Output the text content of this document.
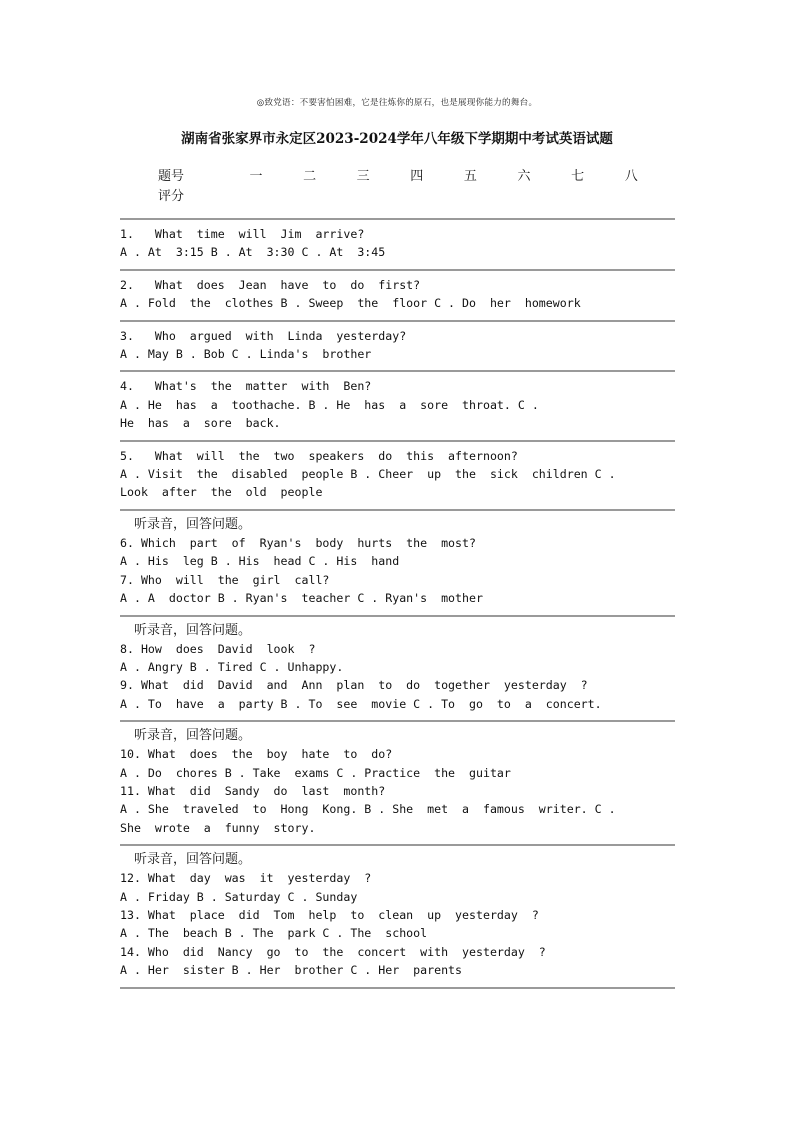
◎致党语：不要害怕困难，它是往炼你的原石，也是展现你能力的舞台。
湖南省张家界市永定区2023-2024学年八年级下学期期中考试英语试题
题号	一	二	三	四	五	六	七	八
评分
1.   What  time  will  Jim  arrive?
A . At  3:15 B . At  3:30 C . At  3:45
2.   What  does  Jean  have  to  do  first?
A . Fold  the  clothes B . Sweep  the  floor C . Do  her  homework
3.   Who  argued  with  Linda  yesterday?
A . May B . Bob C . Linda's  brother
4.   What's  the  matter  with  Ben?
A . He  has  a  toothache. B . He  has  a  sore  throat. C .
He  has  a  sore  back.
5.   What  will  the  two  speakers  do  this  afternoon?
A . Visit  the  disabled  people B . Cheer  up  the  sick  children C .
Look  after  the  old  people
听录音，回答问题。
6. Which  part  of  Ryan's  body  hurts  the  most?
A . His  leg B . His  head C . His  hand
7. Who  will  the  girl  call?
A . A  doctor B . Ryan's  teacher C . Ryan's  mother
听录音，回答问题。
8. How  does  David  look  ?
A . Angry B . Tired C . Unhappy.
9. What  did  David  and  Ann  plan  to  do  together  yesterday  ?
A . To  have  a  party B . To  see  movie C . To  go  to  a  concert.
听录音，回答问题。
10. What  does  the  boy  hate  to  do?
A . Do  chores B . Take  exams C . Practice  the  guitar
11. What  did  Sandy  do  last  month?
A . She  traveled  to  Hong  Kong. B . She  met  a  famous  writer. C .
She  wrote  a  funny  story.
听录音，回答问题。
12. What  day  was  it  yesterday  ?
A . Friday B . Saturday C . Sunday
13. What  place  did  Tom  help  to  clean  up  yesterday  ?
A . The  beach B . The  park C . The  school
14. Who  did  Nancy  go  to  the  concert  with  yesterday  ?
A . Her  sister B . Her  brother C . Her  parents
